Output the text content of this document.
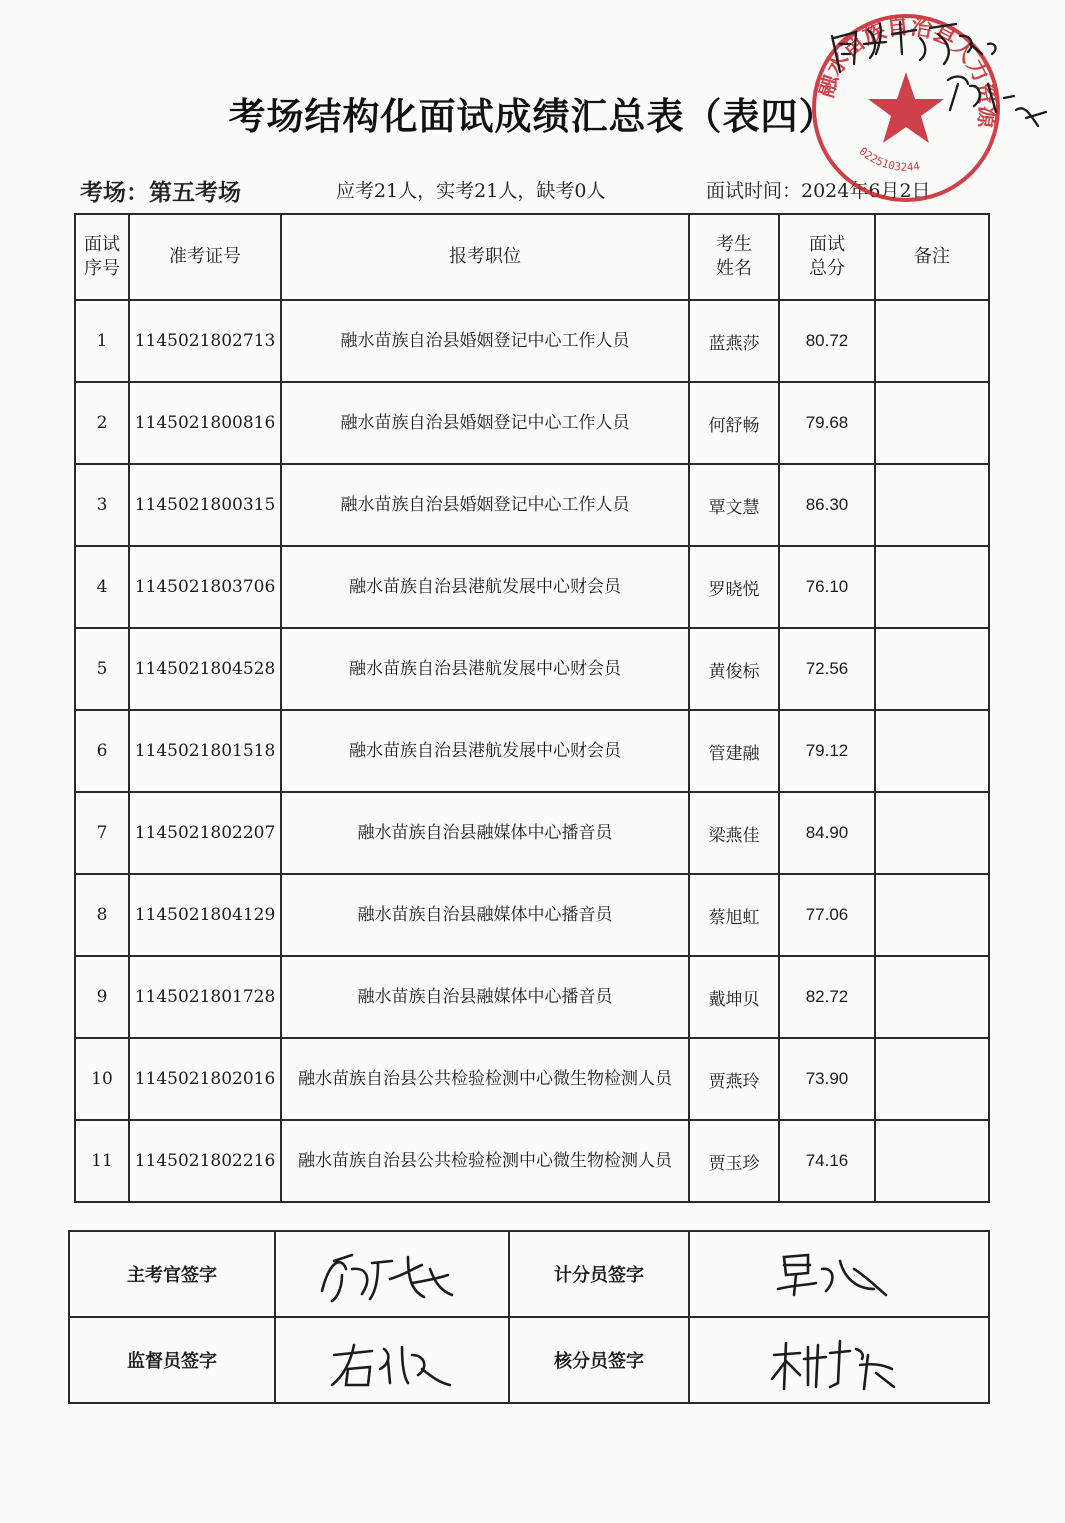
考场结构化面试成绩汇总表（表四）
考场：第五考场	应考21人，实考21人，缺考0人	面试时间：2024年6月2日
面试序号	准考证号	报考职位	考生姓名	面试总分	备注
1	1145021802713	融水苗族自治县婚姻登记中心工作人员	蓝燕莎	80.72	
2	1145021800816	融水苗族自治县婚姻登记中心工作人员	何舒畅	79.68	
3	1145021800315	融水苗族自治县婚姻登记中心工作人员	覃文慧	86.30	
4	1145021803706	融水苗族自治县港航发展中心财会员	罗晓悦	76.10	
5	1145021804528	融水苗族自治县港航发展中心财会员	黄俊标	72.56	
6	1145021801518	融水苗族自治县港航发展中心财会员	管建融	79.12	
7	1145021802207	融水苗族自治县融媒体中心播音员	梁燕佳	84.90	
8	1145021804129	融水苗族自治县融媒体中心播音员	蔡旭虹	77.06	
9	1145021801728	融水苗族自治县融媒体中心播音员	戴坤贝	82.72	
10	1145021802016	融水苗族自治县公共检验检测中心微生物检测人员	贾燕玲	73.90	
11	1145021802216	融水苗族自治县公共检验检测中心微生物检测人员	贾玉珍	74.16	
主考官签字		计分员签字	

监督员签字		核分员签字	
融水苗族自治县人力资源
0225103244
